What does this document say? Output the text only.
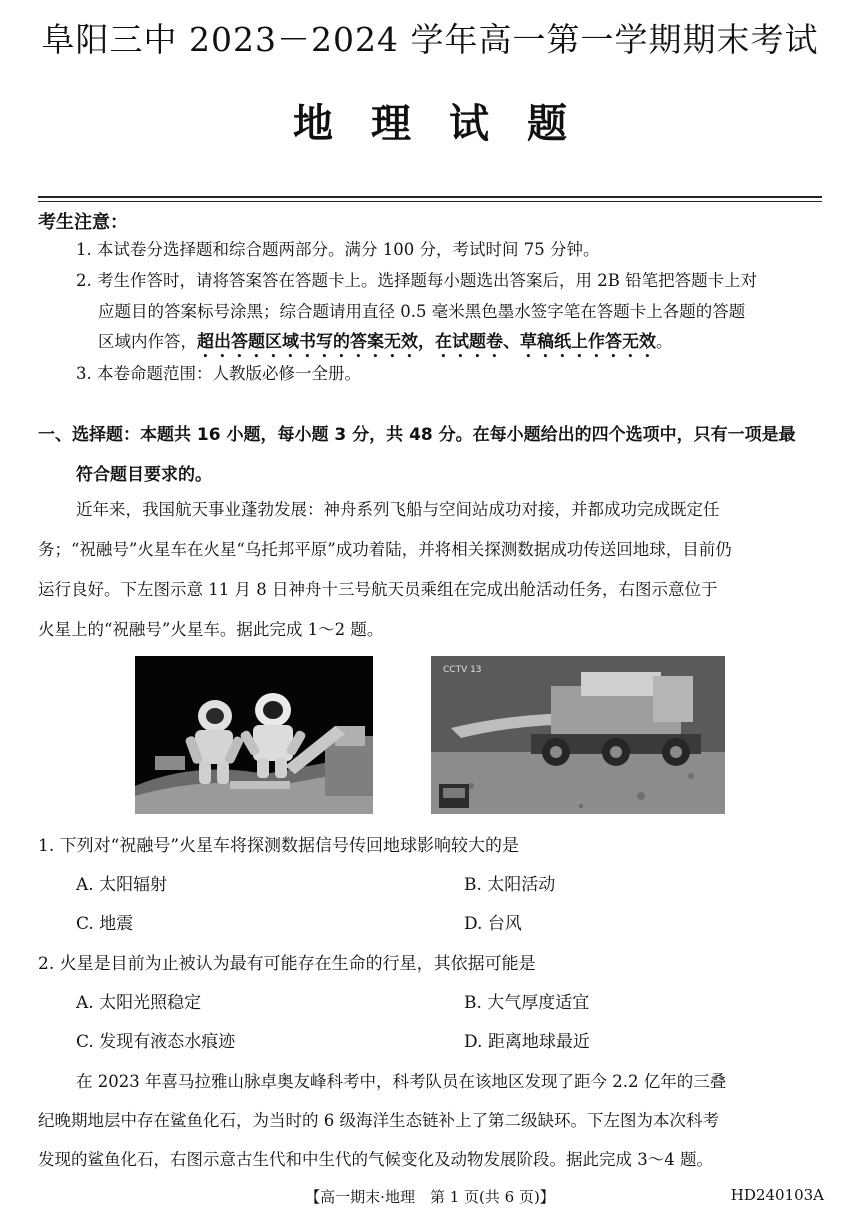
阜阳三中 2023－2024 学年高一第一学期期末考试
地理试题
考生注意：
1. 本试卷分选择题和综合题两部分。满分 100 分，考试时间 75 分钟。
2. 考生作答时，请将答案答在答题卡上。选择题每小题选出答案后，用 2B 铅笔把答题卡上对
应题目的答案标号涂黑；综合题请用直径 0.5 毫米黑色墨水签字笔在答题卡上各题的答题
区域内作答，超出答题区域书写的答案无效，在试题卷、草稿纸上作答无效。
3. 本卷命题范围：人教版必修一全册。
一、选择题：本题共 16 小题，每小题 3 分，共 48 分。在每小题给出的四个选项中，只有一项是最
符合题目要求的。
近年来，我国航天事业蓬勃发展：神舟系列飞船与空间站成功对接，并都成功完成既定任
务；“祝融号”火星车在火星“乌托邦平原”成功着陆，并将相关探测数据成功传送回地球，目前仍
运行良好。下左图示意 11 月 8 日神舟十三号航天员乘组在完成出舱活动任务，右图示意位于
火星上的“祝融号”火星车。据此完成 1～2 题。
CCTV 13
1. 下列对“祝融号”火星车将探测数据信号传回地球影响较大的是
A. 太阳辐射	B. 太阳活动
C. 地震	D. 台风
2. 火星是目前为止被认为最有可能存在生命的行星，其依据可能是
A. 太阳光照稳定	B. 大气厚度适宜
C. 发现有液态水痕迹	D. 距离地球最近
在 2023 年喜马拉雅山脉卓奥友峰科考中，科考队员在该地区发现了距今 2.2 亿年的三叠
纪晚期地层中存在鲨鱼化石，为当时的 6 级海洋生态链补上了第二级缺环。下左图为本次科考
发现的鲨鱼化石，右图示意古生代和中生代的气候变化及动物发展阶段。据此完成 3～4 题。
【高一期末·地理　第 1 页(共 6 页)】	HD240103A
